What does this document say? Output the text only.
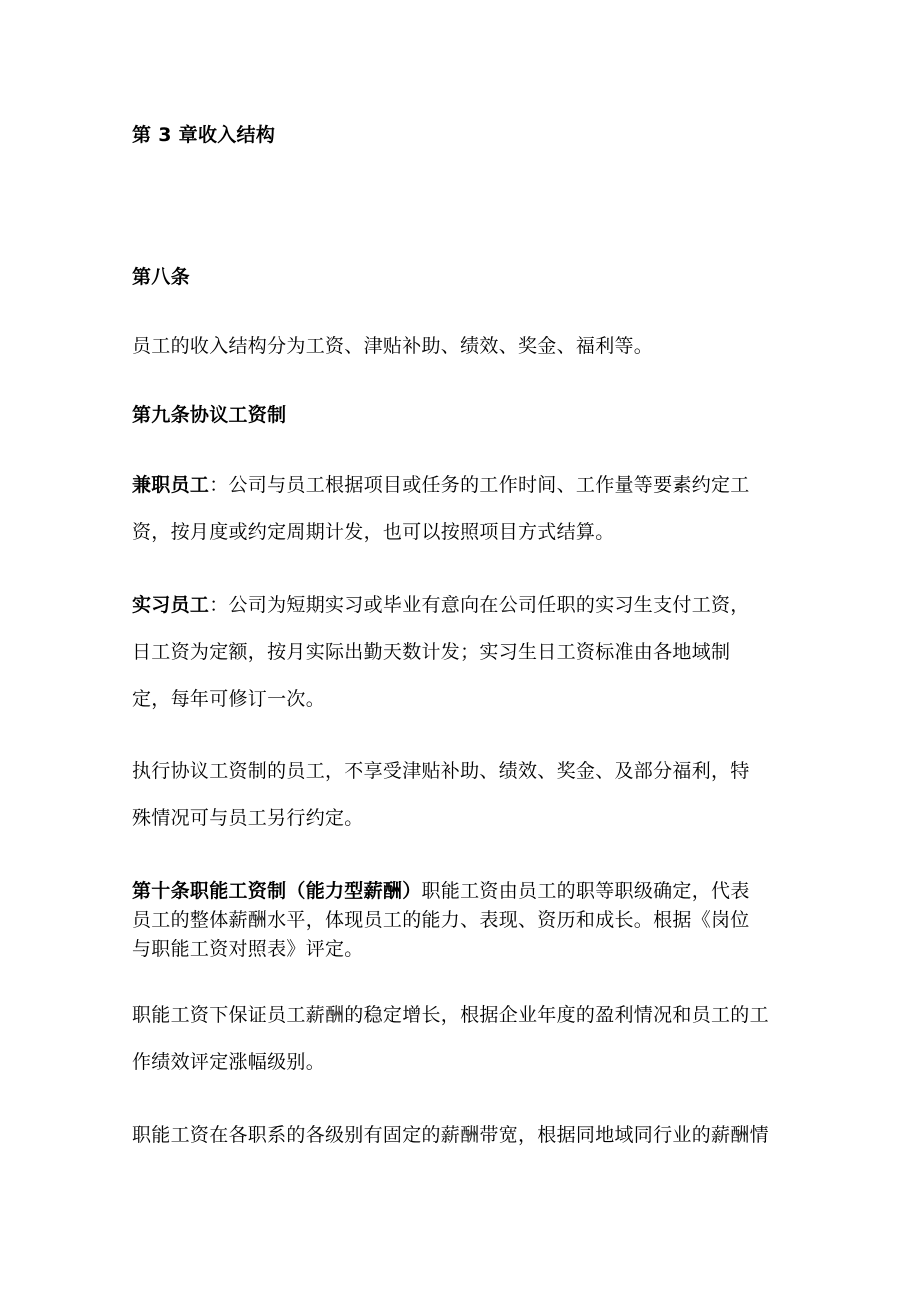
第 3 章收入结构

第八条

员工的收入结构分为工资、津贴补助、绩效、奖金、福利等。

第九条协议工资制

兼职员工：公司与员工根据项目或任务的工作时间、工作量等要素约定工

资，按月度或约定周期计发，也可以按照项目方式结算。

实习员工：公司为短期实习或毕业有意向在公司任职的实习生支付工资，

日工资为定额，按月实际出勤天数计发；实习生日工资标准由各地域制

定，每年可修订一次。

执行协议工资制的员工，不享受津贴补助、绩效、奖金、及部分福利，特

殊情况可与员工另行约定。

第十条职能工资制（能力型薪酬）职能工资由员工的职等职级确定，代表

员工的整体薪酬水平，体现员工的能力、表现、资历和成长。根据《岗位

与职能工资对照表》评定。

职能工资下保证员工薪酬的稳定增长，根据企业年度的盈利情况和员工的工

作绩效评定涨幅级别。

职能工资在各职系的各级别有固定的薪酬带宽，根据同地域同行业的薪酬情
